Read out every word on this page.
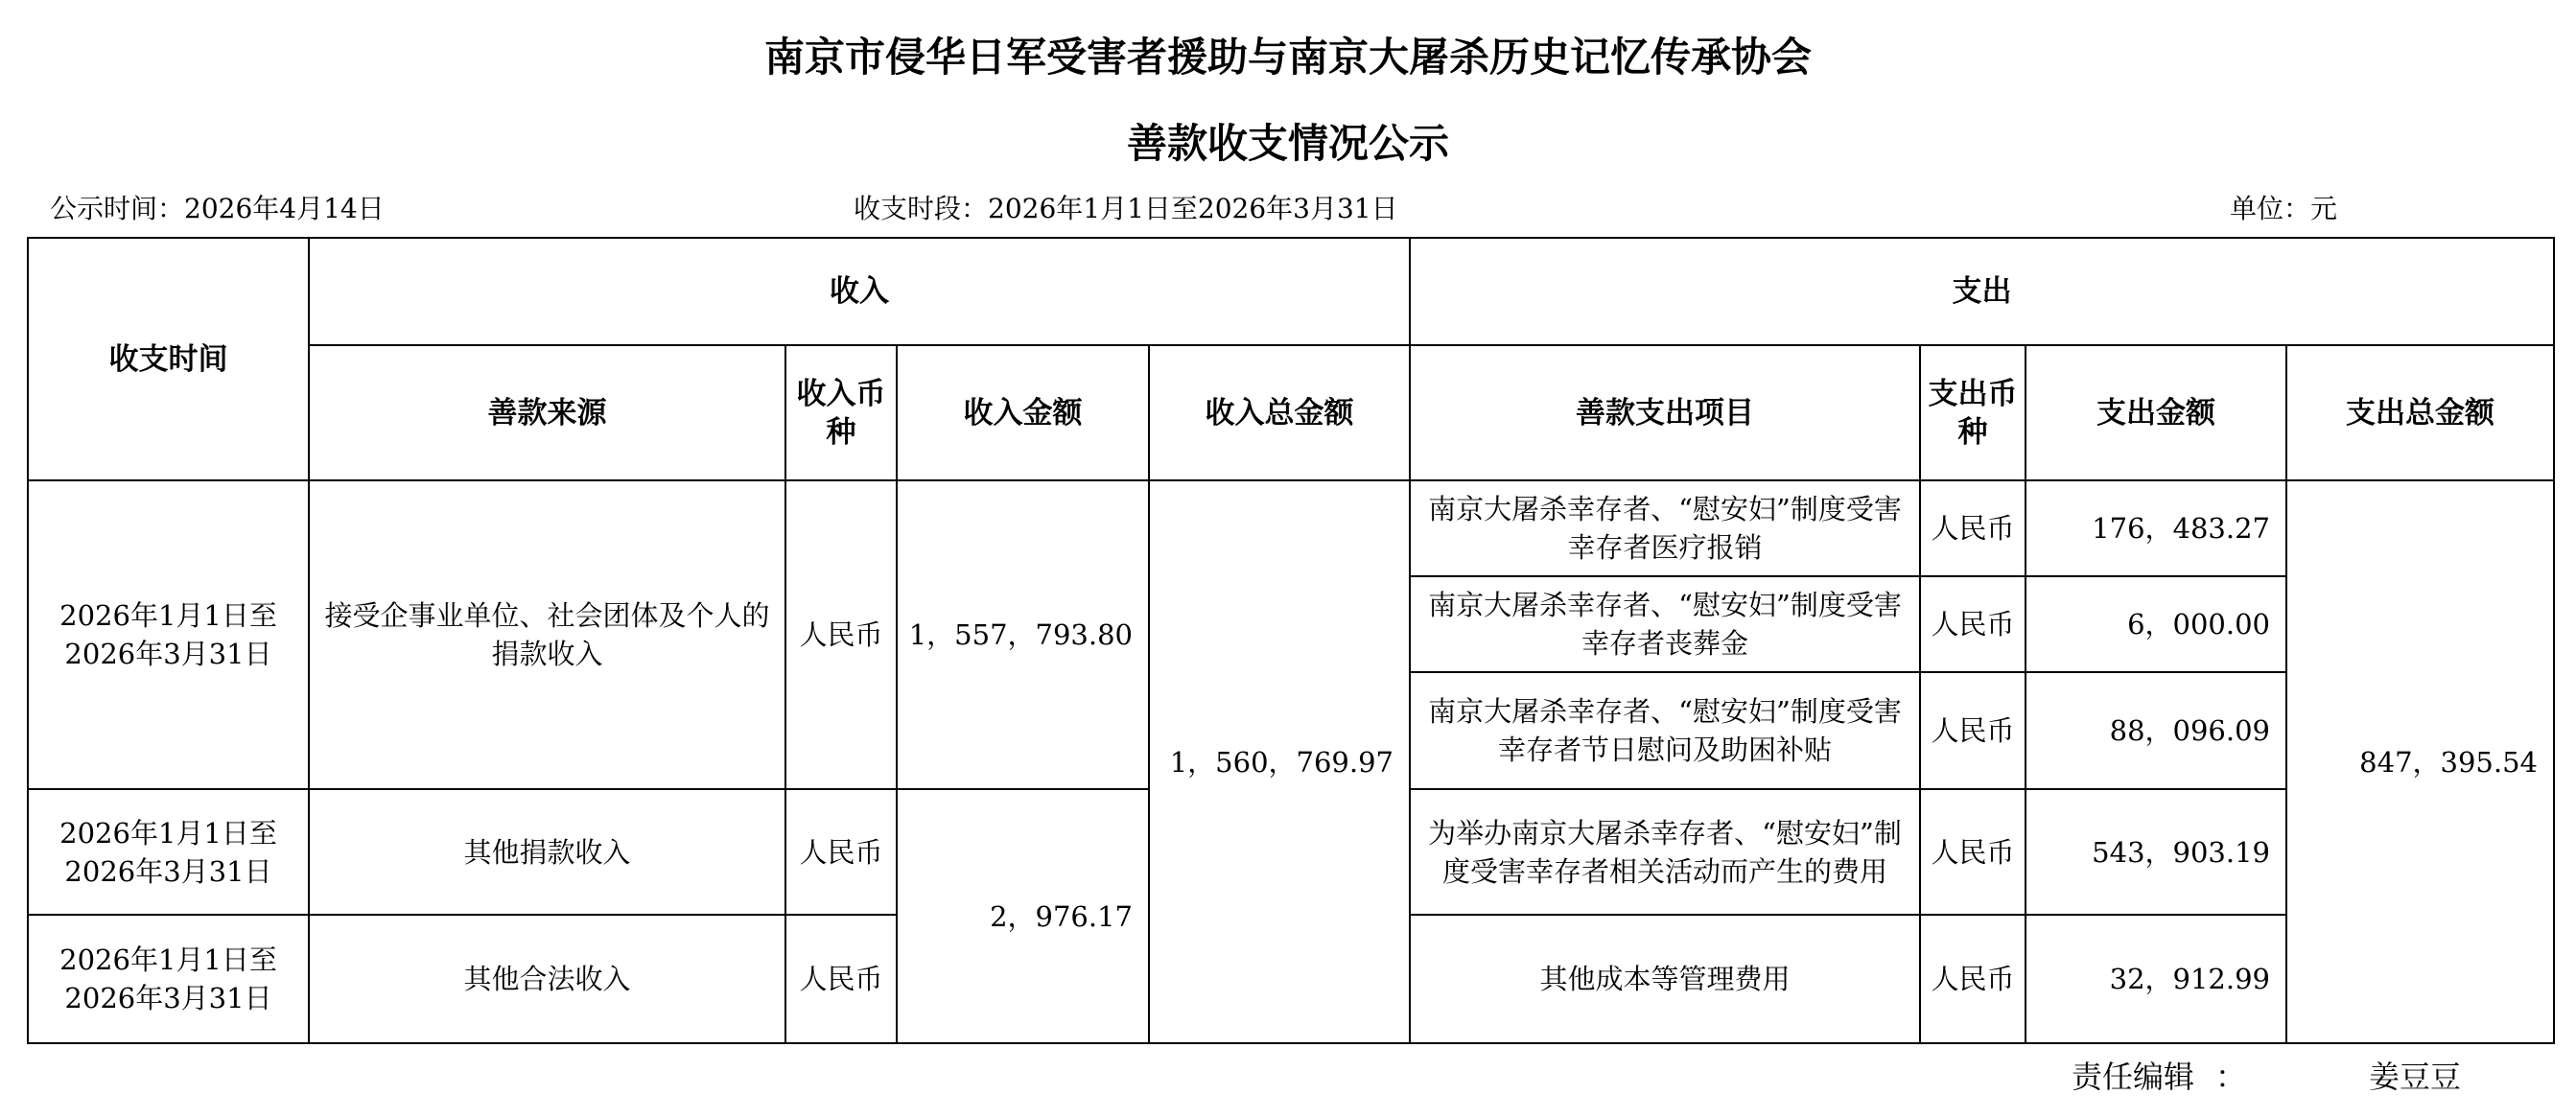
南京市侵华日军受害者援助与南京大屠杀历史记忆传承协会
善款收支情况公示
公示时间：2026年4月14日	收支时段：2026年1月1日至2026年3月31日	单位：元
收支时间	收入				支出			
	善款来源	收入币种	收入金额	收入总金额	善款支出项目	支出币种	支出金额	支出总金额
2026年1月1日至2026年3月31日	接受企事业单位、社会团体及个人的捐款收入	人民币	1，557，793.80	1，560，769.97	南京大屠杀幸存者、“慰安妇”制度受害幸存者医疗报销	人民币	176，483.27	847，395.54
					南京大屠杀幸存者、“慰安妇”制度受害幸存者丧葬金	人民币	6，000.00	
					南京大屠杀幸存者、“慰安妇”制度受害幸存者节日慰问及助困补贴	人民币	88，096.09	
2026年1月1日至2026年3月31日	其他捐款收入	人民币	2，976.17		为举办南京大屠杀幸存者、“慰安妇”制度受害幸存者相关活动而产生的费用	人民币	543，903.19	
2026年1月1日至2026年3月31日	其他合法收入	人民币			其他成本等管理费用	人民币	32，912.99	
责任编辑 ：	姜豆豆
